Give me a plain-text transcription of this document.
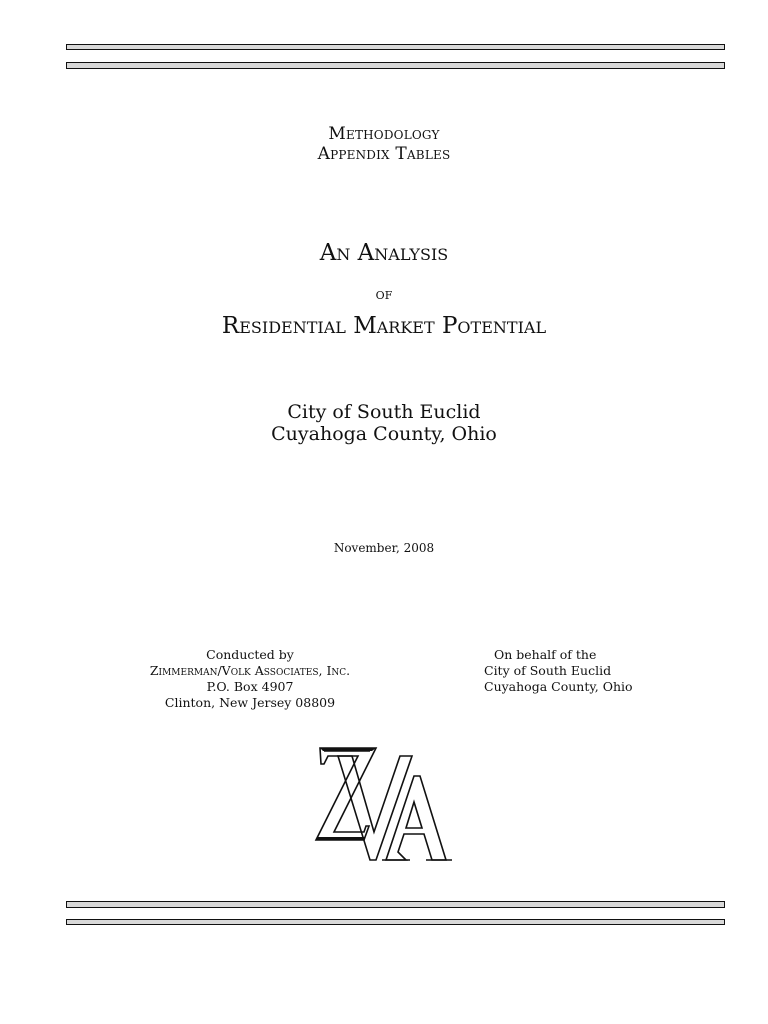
Methodology
Appendix Tables
An Analysis
of
Residential Market Potential
City of South Euclid
Cuyahoga County, Ohio
November, 2008
Conducted by
Zimmerman/Volk Associates, Inc.
P.O. Box 4907
Clinton, New Jersey 08809
On behalf of the
City of South Euclid
Cuyahoga County, Ohio
